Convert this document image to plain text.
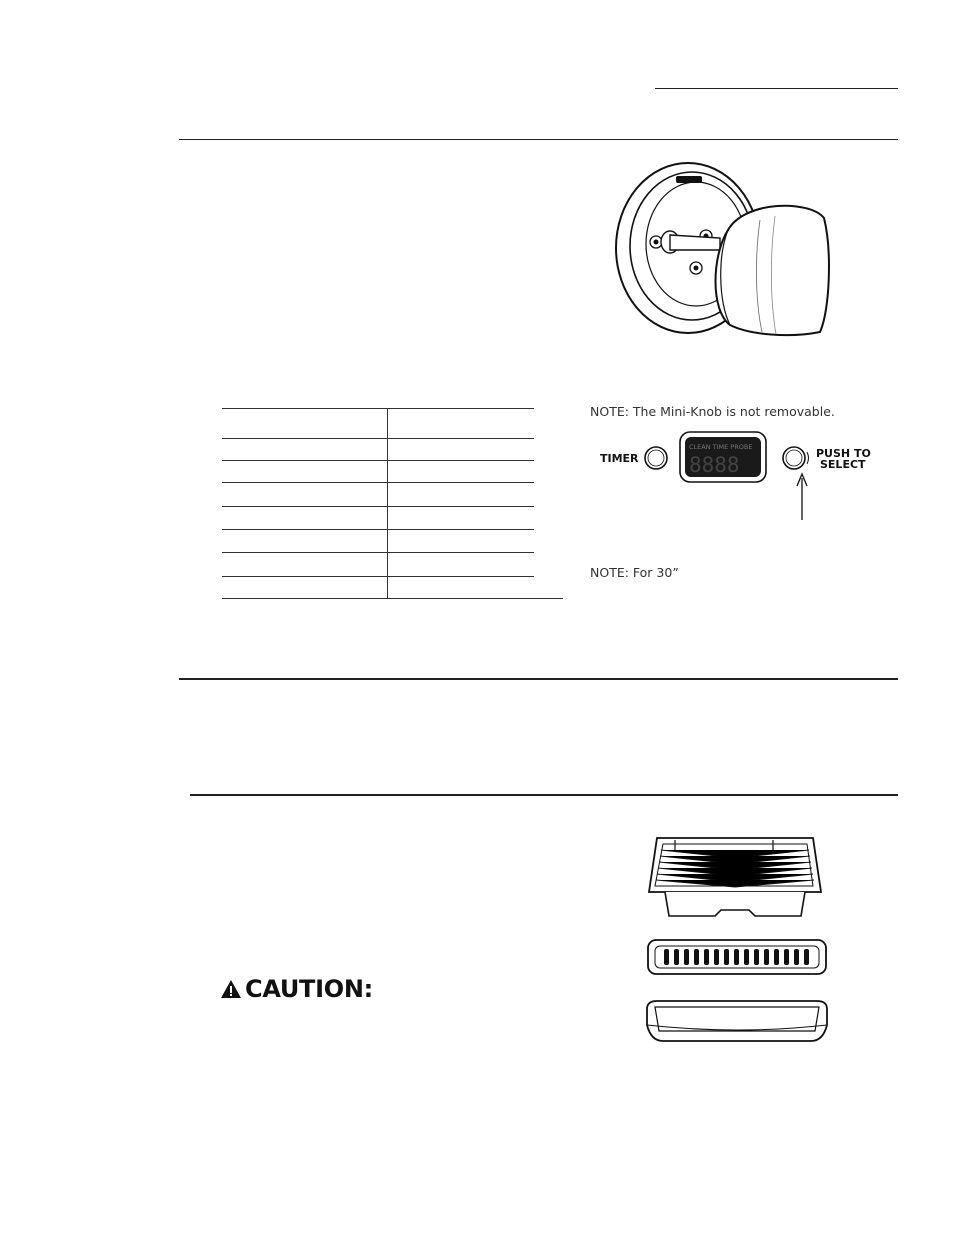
NOTE: The Mini-Knob is not removable.
TIMER
CLEAN TIME PROBE
8888	PUSH TO
SELECT
NOTE: For 30”
CAUTION:
